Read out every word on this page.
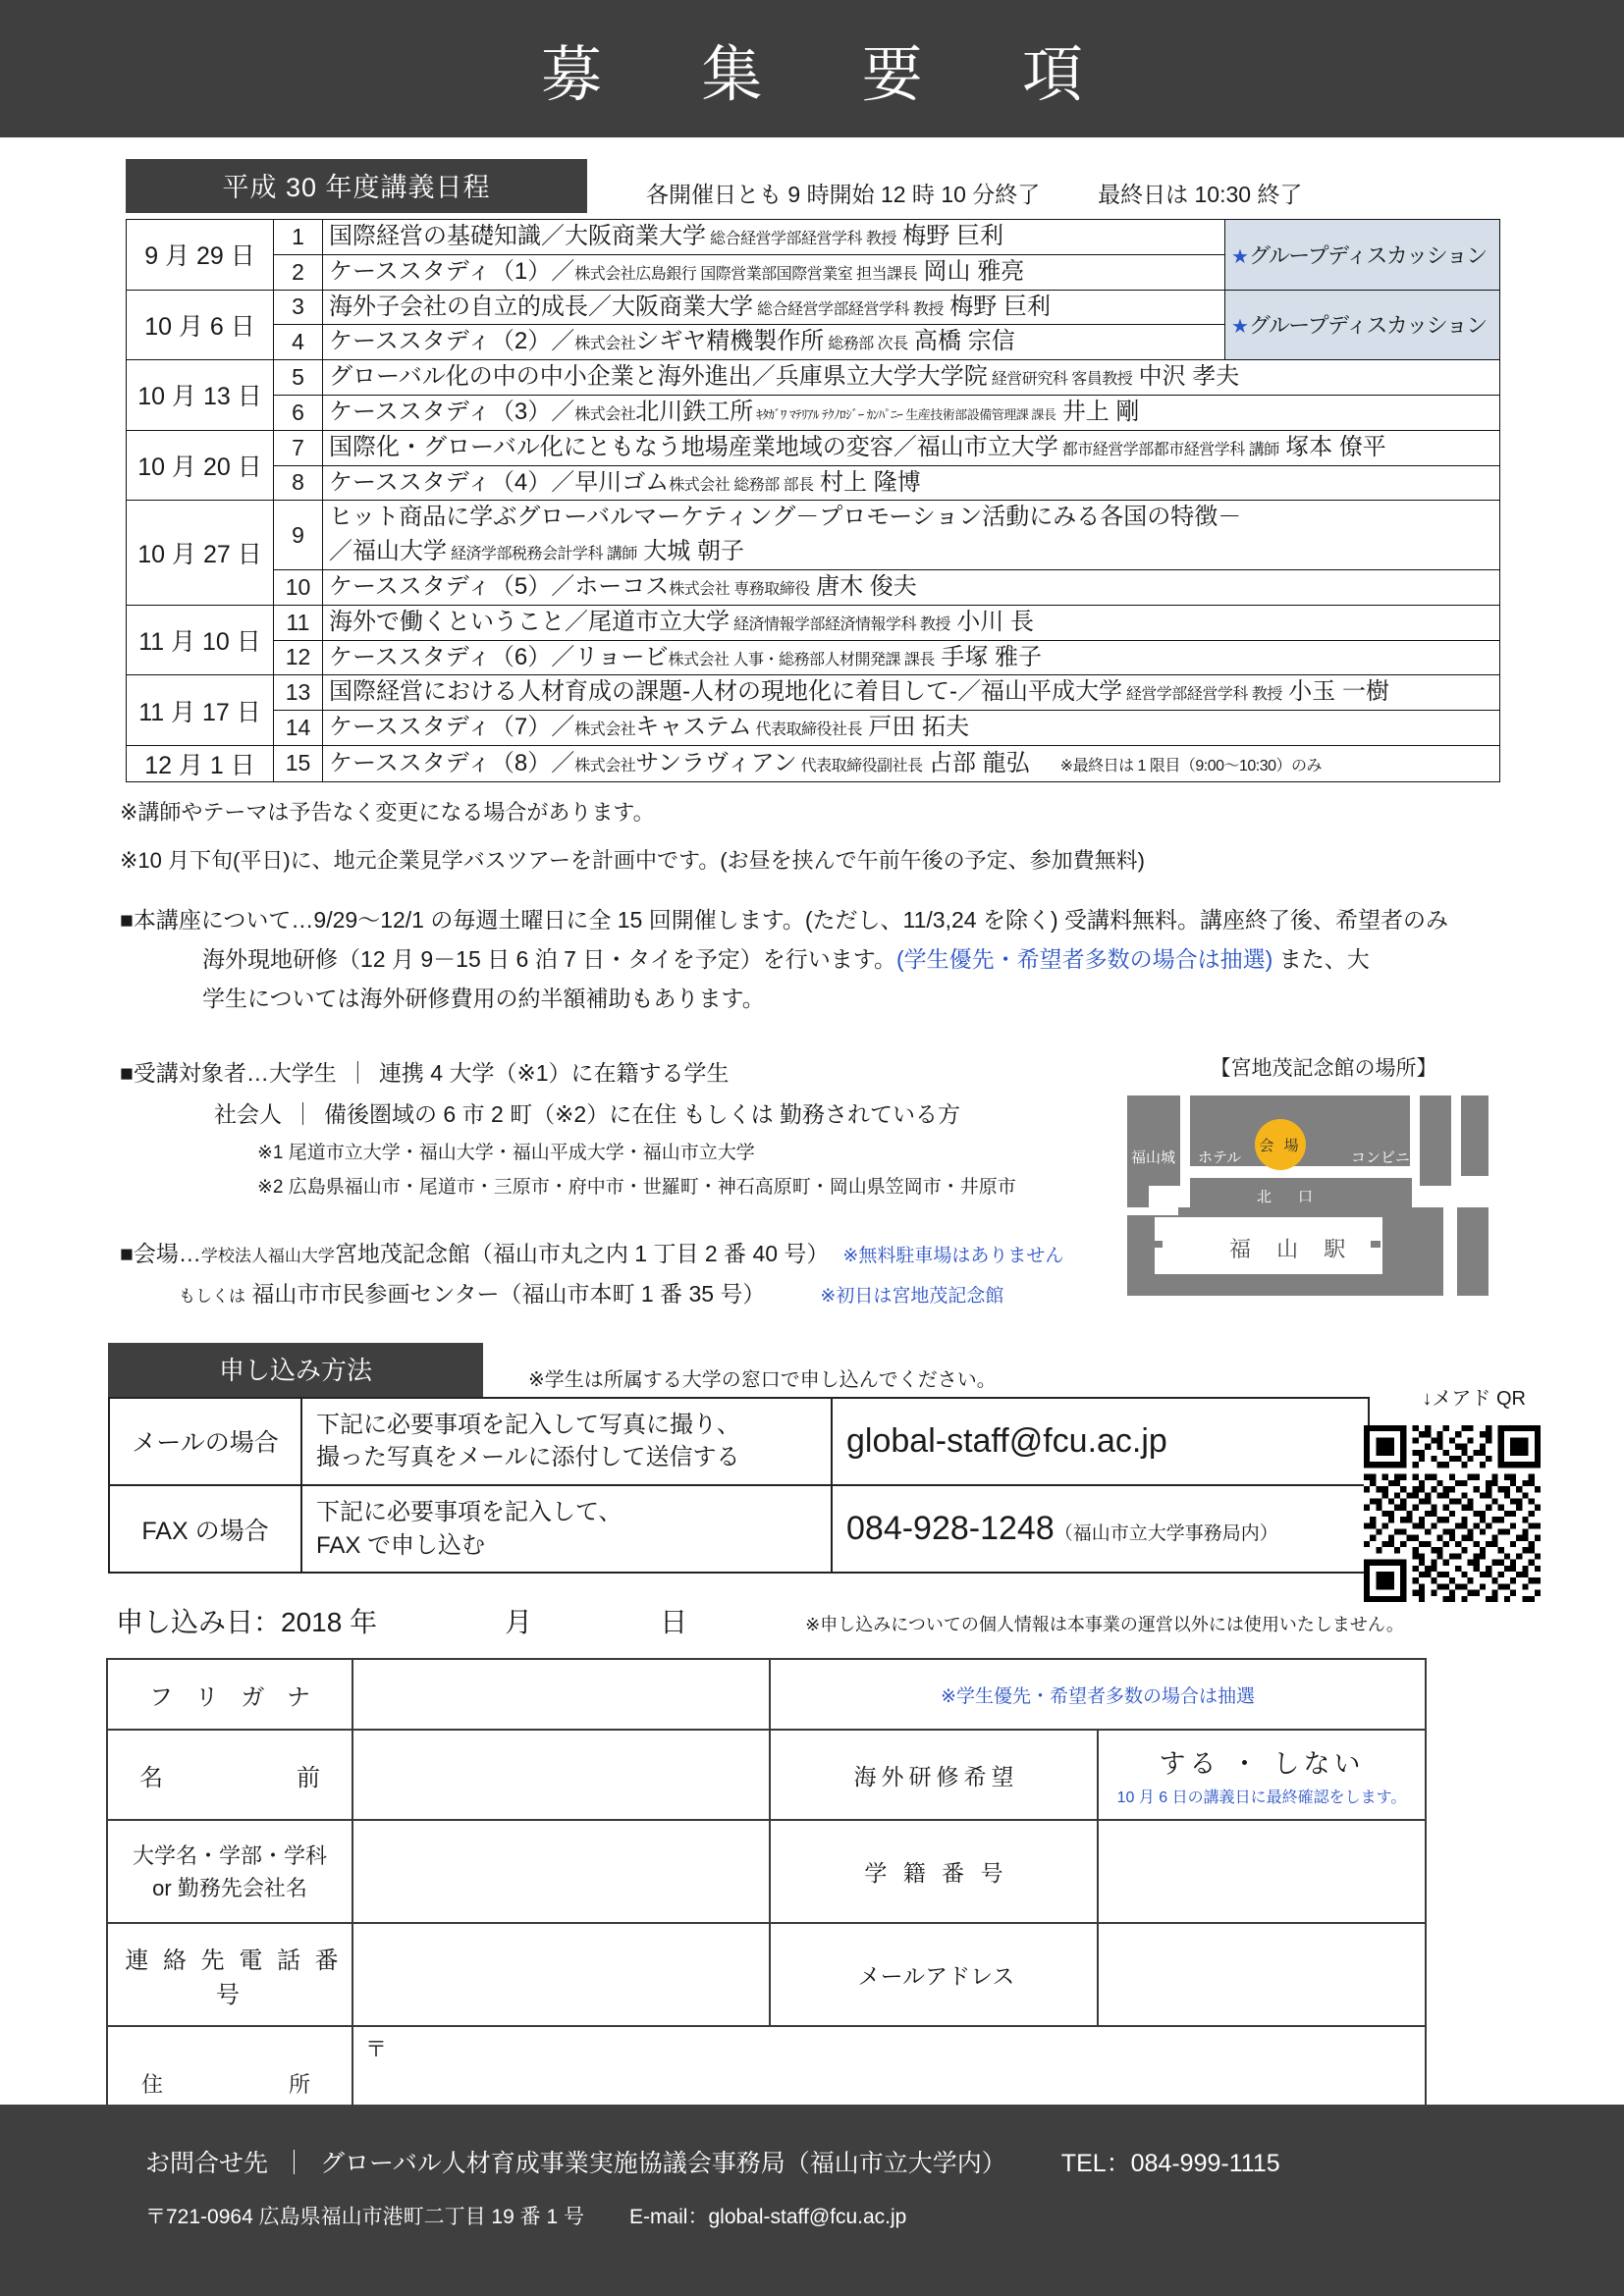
募 集 要 項
平成 30 年度講義日程	各開催日とも 9 時開始 12 時 10 分終了	最終日は 10:30 終了
9 月 29 日	1	国際経営の基礎知識／大阪商業大学 総合経営学部経営学科 教授 梅野 巨利	★グループディスカッション
	2	ケーススタディ（1）／株式会社広島銀行 国際営業部国際営業室 担当課長 岡山 雅亮	
10 月 6 日	3	海外子会社の自立的成長／大阪商業大学 総合経営学部経営学科 教授 梅野 巨利	★グループディスカッション
	4	ケーススタディ（2）／株式会社シギヤ精機製作所 総務部 次長 高橋 宗信	
10 月 13 日	5	グローバル化の中の中小企業と海外進出／兵庫県立大学大学院 経営研究科 客員教授 中沢 孝夫	
	6	ケーススタディ（3）／株式会社北川鉄工所 ｷﾀｶﾞﾜ ﾏﾃﾘｱﾙ ﾃｸﾉﾛｼﾞｰ ｶﾝﾊﾟﾆｰ 生産技術部設備管理課 課長 井上 剛	
10 月 20 日	7	国際化・グローバル化にともなう地場産業地域の変容／福山市立大学 都市経営学部都市経営学科 講師 塚本 僚平	
	8	ケーススタディ（4）／早川ゴム株式会社 総務部 部長 村上 隆博	
10 月 27 日	9	ヒット商品に学ぶグローバルマーケティング－プロモーション活動にみる各国の特徴－
／福山大学 経済学部税務会計学科 講師 大城 朝子	
	10	ケーススタディ（5）／ホーコス株式会社 専務取締役 唐木 俊夫	
11 月 10 日	11	海外で働くということ／尾道市立大学 経済情報学部経済情報学科 教授 小川 長	
	12	ケーススタディ（6）／リョービ株式会社 人事・総務部人材開発課 課長 手塚 雅子	
11 月 17 日	13	国際経営における人材育成の課題-人材の現地化に着目して-／福山平成大学 経営学部経営学科 教授 小玉 一樹	
	14	ケーススタディ（7）／株式会社キャステム 代表取締役社長 戸田 拓夫	
12 月 1 日	15	ケーススタディ（8）／株式会社サンラヴィアン 代表取締役副社長 占部 龍弘　　※最終日は 1 限目（9:00～10:30）のみ	

※講師やテーマは予告なく変更になる場合があります。

※10 月下旬(平日)に、地元企業見学バスツアーを計画中です。(お昼を挟んで午前午後の予定、参加費無料)

■本講座について…9/29～12/1 の毎週土曜日に全 15 回開催します。(ただし、11/3,24 を除く) 受講料無料。講座終了後、希望者のみ
海外現地研修（12 月 9－15 日 6 泊 7 日・タイを予定）を行います。(学生優先・希望者多数の場合は抽選) また、大
学生については海外研修費用の約半額補助もあります。
■受講対象者…大学生 ｜ 連携 4 大学（※1）に在籍する学生
社会人 ｜ 備後圏域の 6 市 2 町（※2）に在住 もしくは 勤務されている方
※1 尾道市立大学・福山大学・福山平成大学・福山市立大学
※2 広島県福山市・尾道市・三原市・府中市・世羅町・神石高原町・岡山県笠岡市・井原市
■会場…学校法人福山大学宮地茂記念館（福山市丸之内 1 丁目 2 番 40 号） ※無料駐車場はありません
もしくは 福山市市民参画センター（福山市本町 1 番 35 号）	※初日は宮地茂記念館
【宮地茂記念館の場所】
福山城 ホテル	コンビニ
会 場
北　口
福 山 駅
申し込み方法	※学生は所属する大学の窓口で申し込んでください。
↓メアド QR
メールの場合	下記に必要事項を記入して写真に撮り、
撮った写真をメールに添付して送信する	global-staff@fcu.ac.jp
FAX の場合	下記に必要事項を記入して、
FAX で申し込む	084-928-1248（福山市立大学事務局内）
申し込み日：2018 年	月	日	※申し込みについての個人情報は本事業の運営以外には使用いたしません。
フ リ ガ ナ		※学生優先・希望者多数の場合は抽選	
名　　　　前		海外研修希望	する ・ しない
10 月 6 日の講義日に最終確認をします。

大学名・学部・学科
or 勤務先会社名		学 籍 番 号	
連 絡 先 電 話 番 号		メールアドレス	

住　　　　所	〒		
お問合せ先 ｜ グローバル人材育成事業実施協議会事務局（福山市立大学内） TEL：084-999-1115
〒721-0964 広島県福山市港町二丁目 19 番 1 号 E-mail：global-staff@fcu.ac.jp
